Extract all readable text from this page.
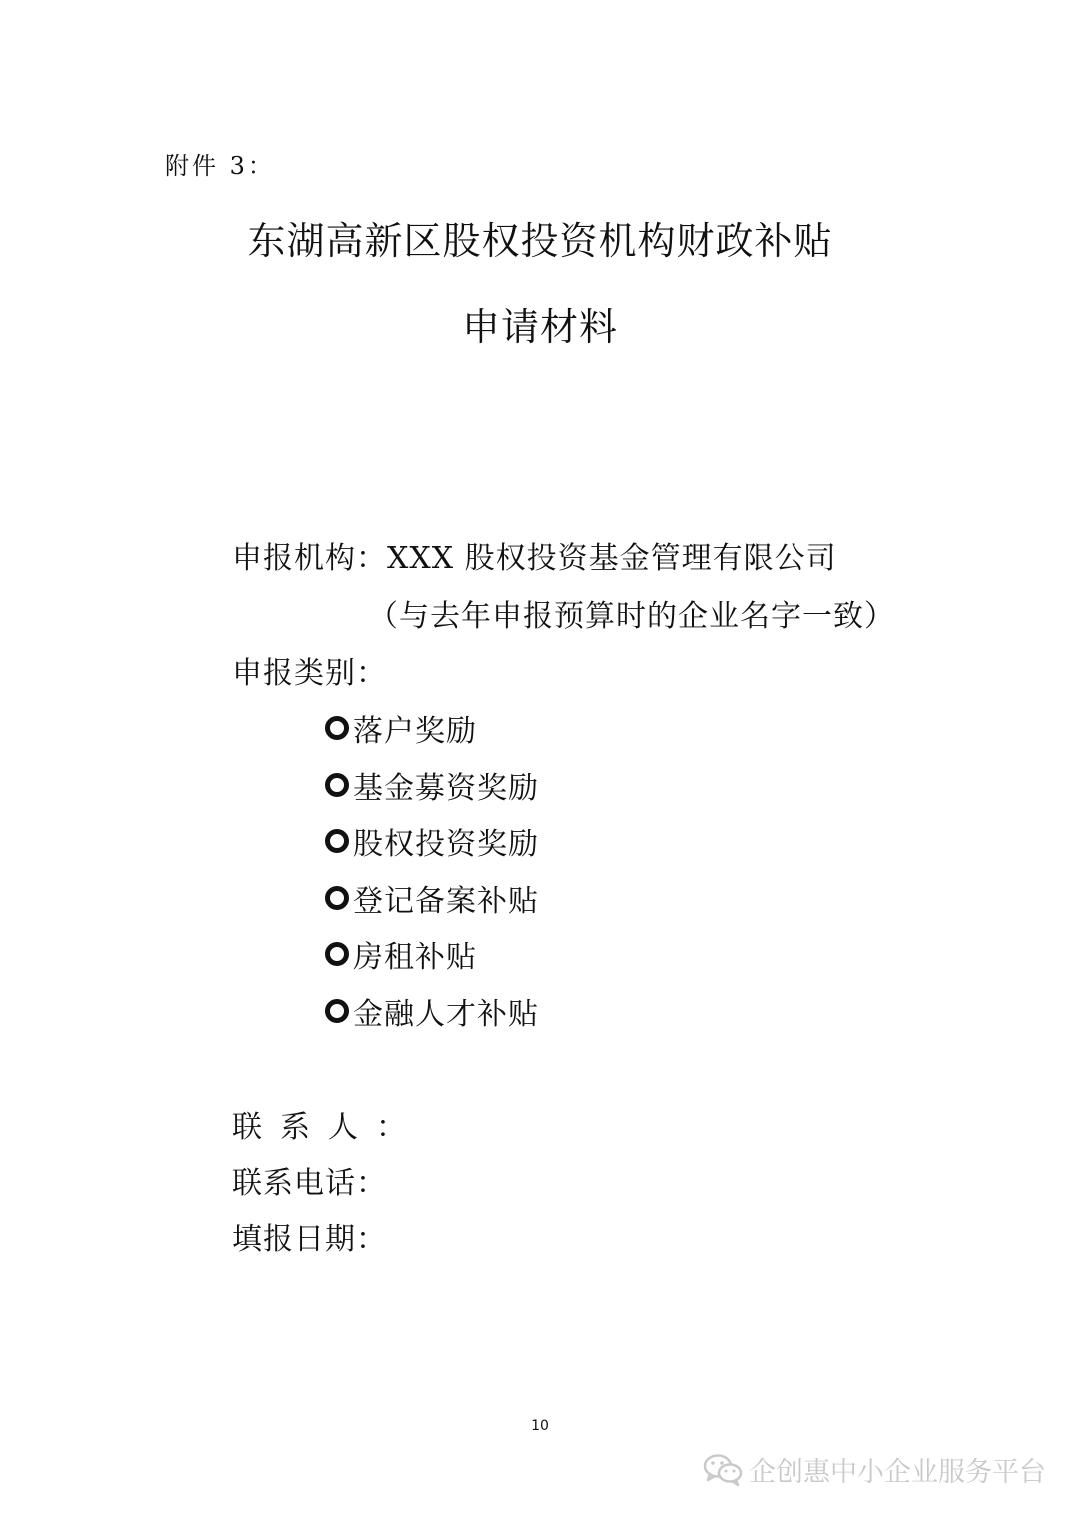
附件 3：
东湖高新区股权投资机构财政补贴
申请材料
申报机构：XXX 股权投资基金管理有限公司
（与去年申报预算时的企业名字一致）
申报类别：
落户奖励
基金募资奖励
股权投资奖励
登记备案补贴
房租补贴
金融人才补贴
联系人：
联系电话：
填报日期：
10
企创惠中小企业服务平台
